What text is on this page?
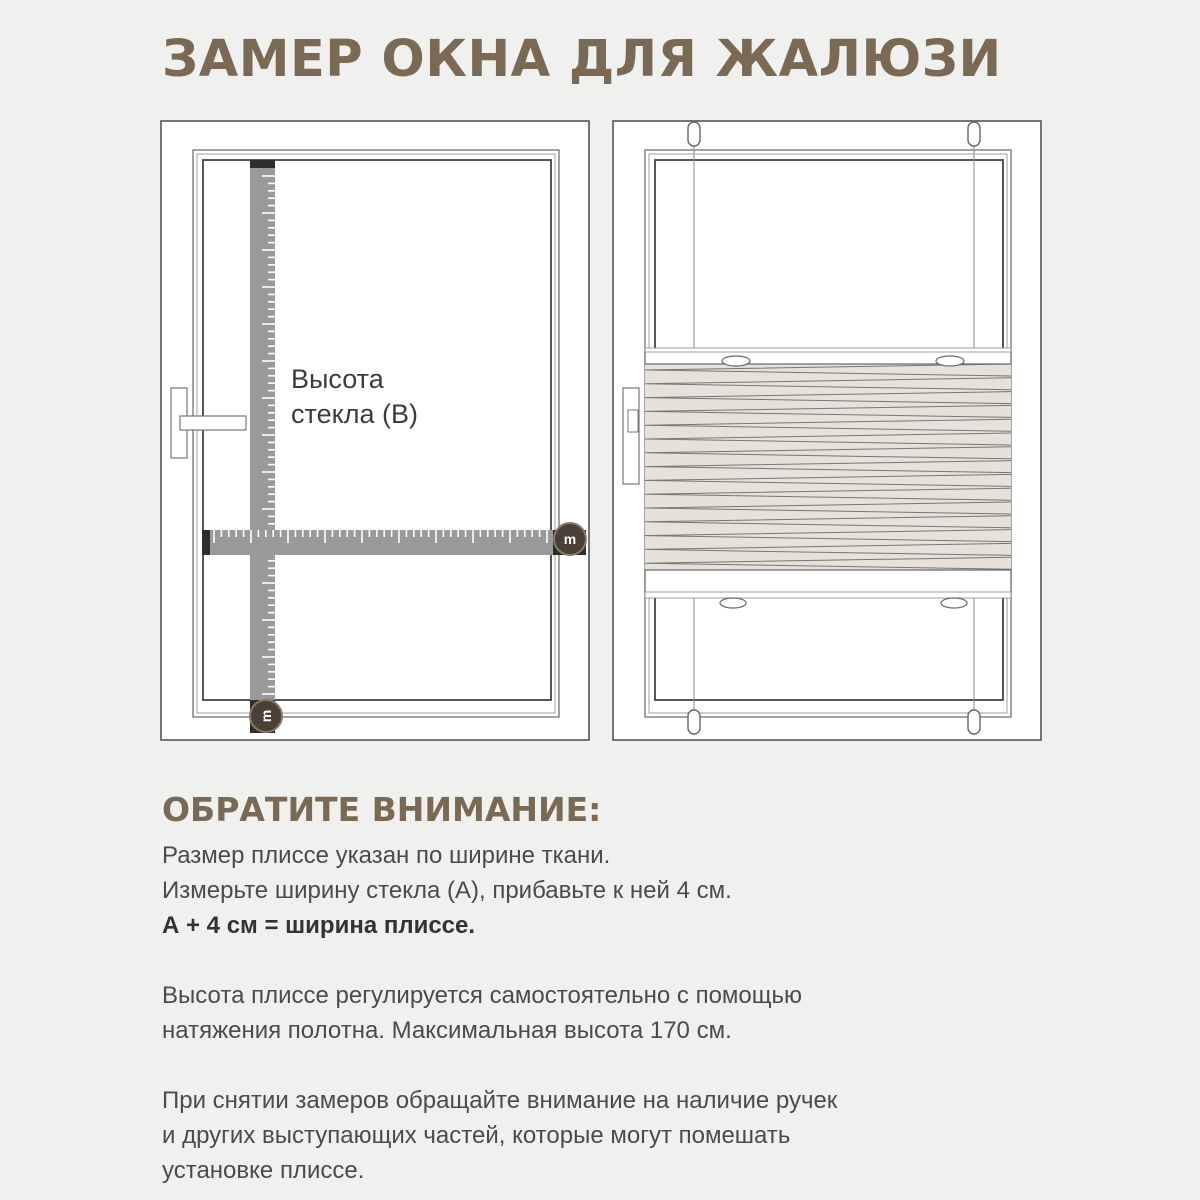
ЗАМЕР ОКНА ДЛЯ ЖАЛЮЗИ
m
m
Высота
стекла (В)
ОБРАТИТЕ ВНИМАНИЕ:

Размер плиссе указан по ширине ткани.

Измерьте ширину стекла (А), прибавьте к ней 4 см.

А + 4 см = ширина плиссе.

Высота плиссе регулируется самостоятельно с помощью

натяжения полотна. Максимальная высота 170 см.

При снятии замеров обращайте внимание на наличие ручек

и других выступающих частей, которые могут помешать

установке плиссе.
